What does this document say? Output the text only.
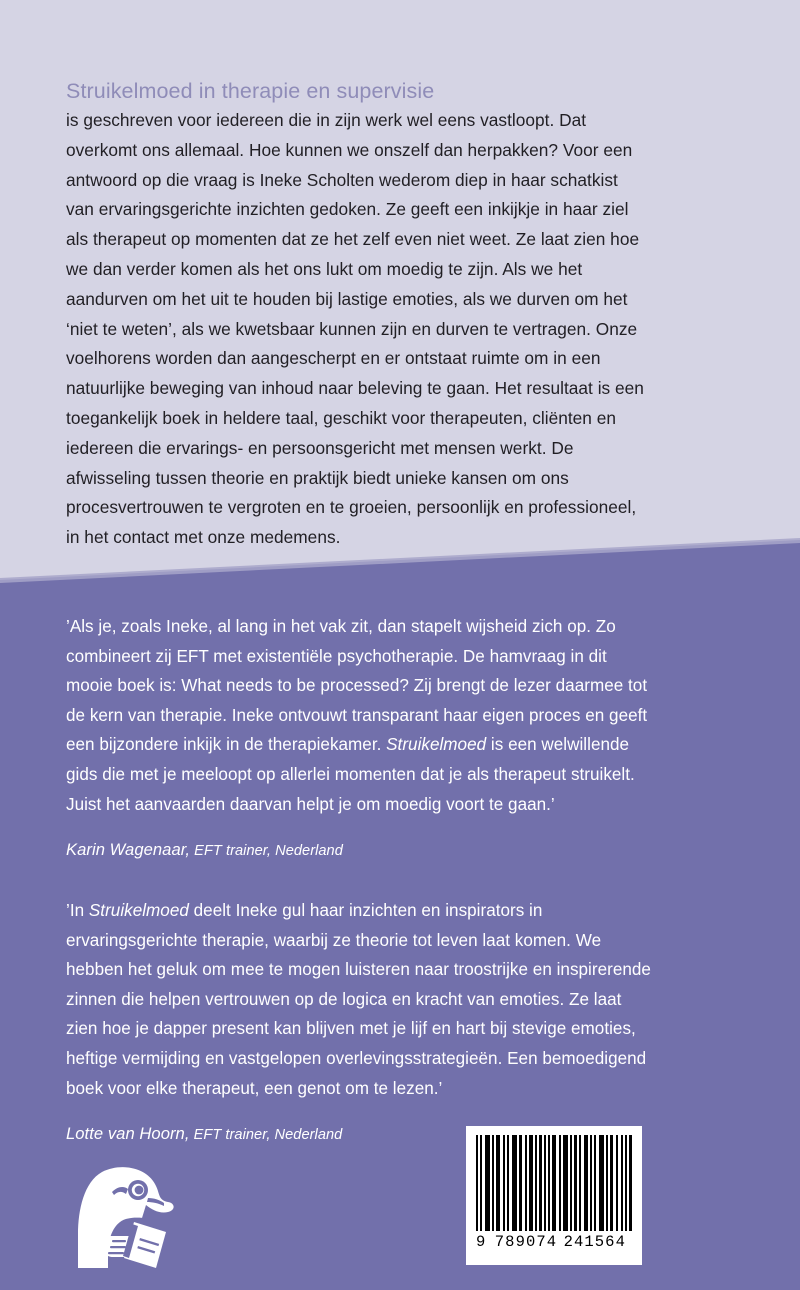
Struikelmoed in therapie en supervisie
is geschreven voor iedereen die in zijn werk wel eens vastloopt. Dat overkomt ons allemaal. Hoe kunnen we onszelf dan herpakken? Voor een antwoord op die vraag is Ineke Scholten wederom diep in haar schatkist van ervaringsgerichte inzichten gedoken. Ze geeft een inkijkje in haar ziel als therapeut op momenten dat ze het zelf even niet weet. Ze laat zien hoe we dan verder komen als het ons lukt om moedig te zijn. Als we het aandurven om het uit te houden bij lastige emoties, als we durven om het ‘niet te weten’, als we kwetsbaar kunnen zijn en durven te vertragen. Onze voelhorens worden dan aangescherpt en er ontstaat ruimte om in een natuurlijke beweging van inhoud naar beleving te gaan. Het resultaat is een toegankelijk boek in heldere taal, geschikt voor therapeuten, cliënten en iedereen die ervarings- en persoonsgericht met mensen werkt. De afwisseling tussen theorie en praktijk biedt unieke kansen om ons procesvertrouwen te vergroten en te groeien, persoonlijk en professioneel, in het contact met onze medemens.

’Als je, zoals Ineke, al lang in het vak zit, dan stapelt wijsheid zich op. Zo combineert zij EFT met existentiële psychotherapie. De hamvraag in dit mooie boek is: What needs to be processed? Zij brengt de lezer daarmee tot de kern van therapie. Ineke ontvouwt transparant haar eigen proces en geeft een bijzondere inkijk in de therapiekamer. Struikelmoed is een welwillende gids die met je meeloopt op allerlei momenten dat je als therapeut struikelt. Juist het aanvaarden daarvan helpt je om moedig voort te gaan.’

Karin Wagenaar, EFT trainer, Nederland

’In Struikelmoed deelt Ineke gul haar inzichten en inspirators in ervaringsgerichte therapie, waarbij ze theorie tot leven laat komen. We hebben het geluk om mee te mogen luisteren naar troostrijke en inspirerende zinnen die helpen vertrouwen op de logica en kracht van emoties. Ze laat zien hoe je dapper present kan blijven met je lijf en hart bij stevige emoties, heftige vermijding en vastgelopen overlevingsstrategieën. Een bemoedigend boek voor elke therapeut, een genot om te lezen.’

Lotte van Hoorn, EFT trainer, Nederland

9 789074 241564
